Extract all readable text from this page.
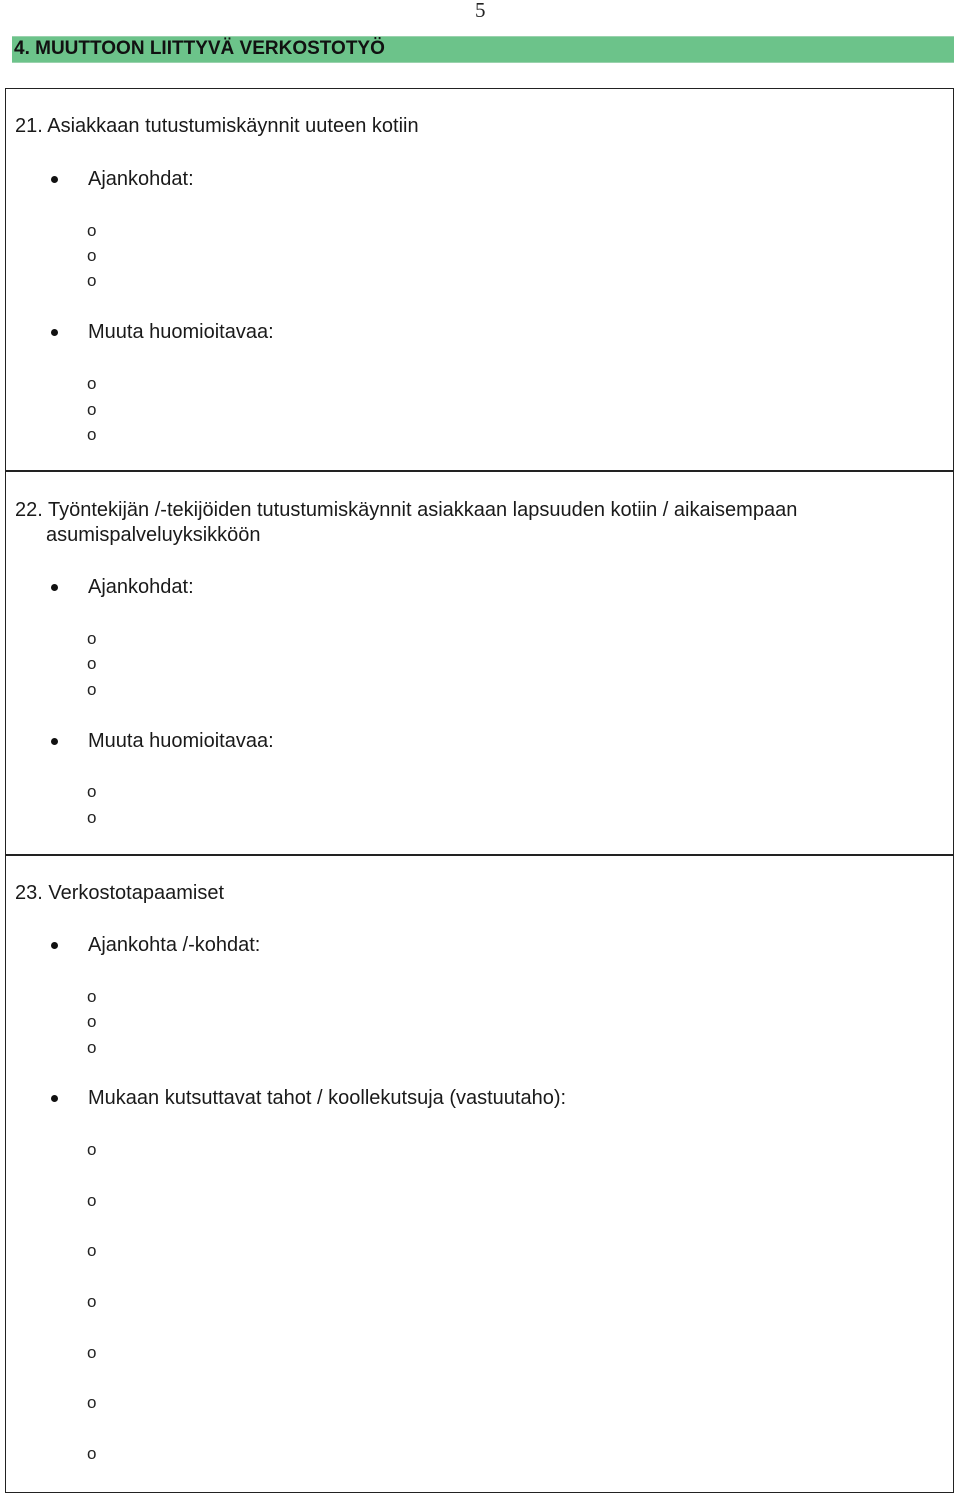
5
4. MUUTTOON LIITTYVÄ VERKOSTOTYÖ
21. Asiakkaan tutustumiskäynnit uuteen kotiin
Ajankohdat:
o
o
o
Muuta huomioitavaa:
o
o
o
22. Työntekijän /-tekijöiden tutustumiskäynnit asiakkaan lapsuuden kotiin / aikaisempaan
asumispalveluyksikköön
Ajankohdat:
o
o
o
Muuta huomioitavaa:
o
o
23. Verkostotapaamiset
Ajankohta /-kohdat:
o
o
o
Mukaan kutsuttavat tahot / koollekutsuja (vastuutaho):
o
o
o
o
o
o
o
